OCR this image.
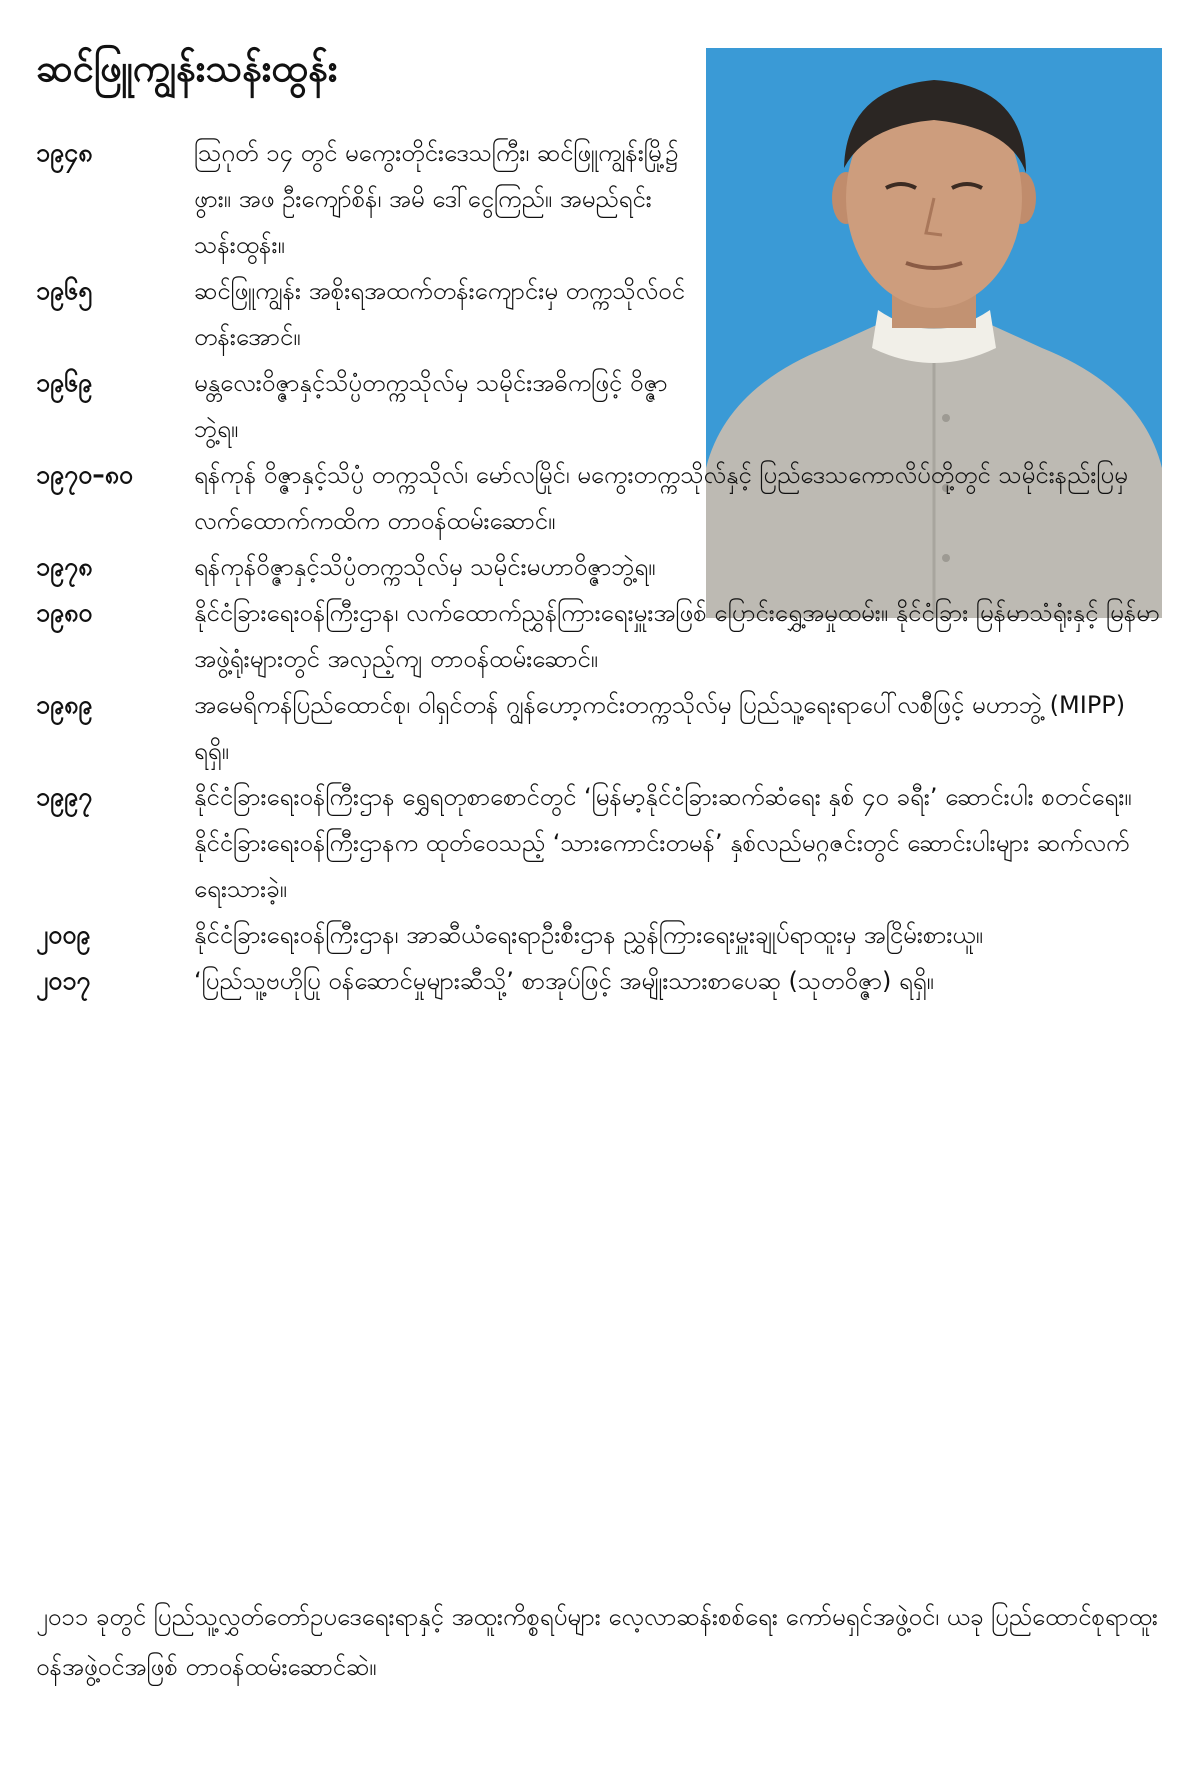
ဆင်ဖြူကျွန်းသန်းထွန်း
၁၉၄၈	ဩဂုတ် ၁၄ တွင် မကွေးတိုင်းဒေသကြီး၊ ဆင်ဖြူကျွန်းမြို့၌ ဖွား။ အဖ ဦးကျော်စိန်၊ အမိ ဒေါ်ငွေကြည်။ အမည်ရင်း သန်းထွန်း။

၁၉၆၅	ဆင်ဖြူကျွန်း အစိုးရအထက်တန်းကျောင်းမှ တက္ကသိုလ်ဝင်တန်းအောင်။

၁၉၆၉	မန္တလေးဝိဇ္ဇာနှင့်သိပ္ပံတက္ကသိုလ်မှ သမိုင်းအဓိကဖြင့် ဝိဇ္ဇာဘွဲ့ရ။

၁၉၇၀–၈၀	ရန်ကုန် ဝိဇ္ဇာနှင့်သိပ္ပံ တက္ကသိုလ်၊ မော်လမြိုင်၊ မကွေးတက္ကသိုလ်နှင့် ပြည်ဒေသကောလိပ်တို့တွင် သမိုင်းနည်းပြမှ လက်ထောက်ကထိက တာဝန်ထမ်းဆောင်။

၁၉၇၈	ရန်ကုန်ဝိဇ္ဇာနှင့်သိပ္ပံတက္ကသိုလ်မှ သမိုင်းမဟာဝိဇ္ဇာဘွဲ့ရ။

၁၉၈၀	နိုင်ငံခြားရေးဝန်ကြီးဌာန၊ လက်ထောက်ညွှန်ကြားရေးမှူးအဖြစ် ပြောင်းရွှေ့အမှုထမ်း။ နိုင်ငံခြား မြန်မာသံရုံးနှင့် မြန်မာအဖွဲ့ရုံးများတွင် အလှည့်ကျ တာဝန်ထမ်းဆောင်။

၁၉၈၉	အမေရိကန်ပြည်ထောင်စု၊ ဝါရှင်တန် ဂျွန်ဟော့ကင်းတက္ကသိုလ်မှ ပြည်သူ့ရေးရာပေါ်လစီဖြင့် မဟာဘွဲ့ (MIPP) ရရှိ။

၁၉၉၇	နိုင်ငံခြားရေးဝန်ကြီးဌာန ရွှေရတုစာစောင်တွင် ‘မြန်မာ့နိုင်ငံခြားဆက်ဆံရေး နှစ် ၄၀ ခရီး’ ဆောင်းပါး စတင်ရေး။ နိုင်ငံခြားရေးဝန်ကြီးဌာနက ထုတ်ဝေသည့် ‘သားကောင်းတမန်’ နှစ်လည်မဂ္ဂဇင်းတွင် ဆောင်းပါးများ ဆက်လက်ရေးသားခဲ့။

၂၀၀၉	နိုင်ငံခြားရေးဝန်ကြီးဌာန၊ အာဆီယံရေးရာဦးစီးဌာန ညွှန်ကြားရေးမှူးချုပ်ရာထူးမှ အငြိမ်းစားယူ။

၂၀၁၇	‘ပြည်သူ့ဗဟိုပြု ဝန်ဆောင်မှုများဆီသို့’ စာအုပ်ဖြင့် အမျိုးသားစာပေဆု (သုတဝိဇ္ဇာ) ရရှိ။

၂၀၁၁ ခုတွင် ပြည်သူ့လွှတ်တော်ဥပဒေရေးရာနှင့် အထူးကိစ္စရပ်များ လေ့လာဆန်းစစ်ရေး ကော်မရှင်အဖွဲ့ဝင်၊ ယခု ပြည်ထောင်စုရာထူးဝန်အဖွဲ့ဝင်အဖြစ် တာဝန်ထမ်းဆောင်ဆဲ။
